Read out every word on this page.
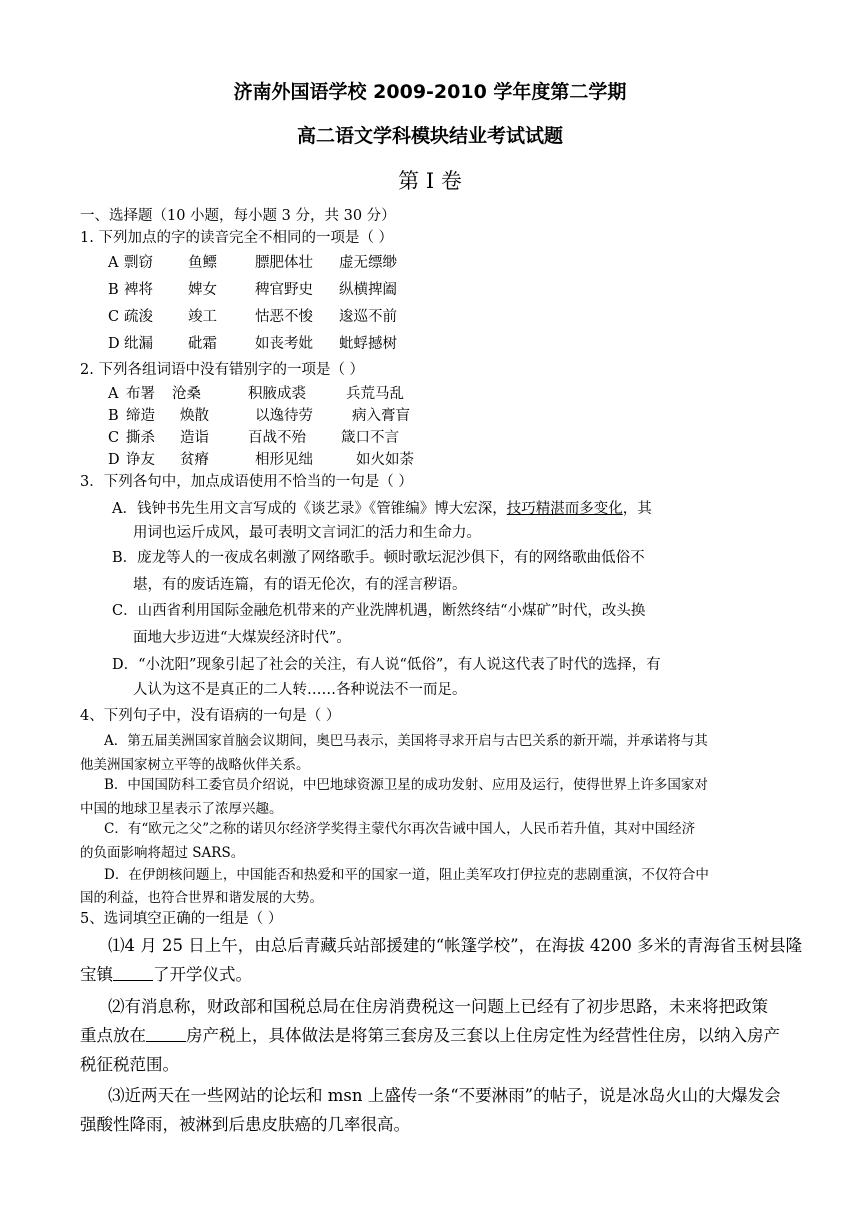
济南外国语学校 2009-2010 学年度第二学期
高二语文学科模块结业考试试题
第 I 卷
一、选择题（10 小题，每小题 3 分，共 30 分）
1. 下列加点的字的读音完全不相同的一项是（ ）
A 剽窃 鱼鳔	膘肥体壮 虚无缥缈
B 裨将 婢女	稗官野史 纵横捭阖
C 疏浚 竣工	怙恶不悛 逡巡不前
D 纰漏 砒霜	如丧考妣 蚍蜉撼树
2. 下列各组词语中没有错别字的一项是（ ）
A 布署 沧桑	积腋成裘	兵荒马乱
B 缔造 焕散	以逸待劳	病入膏盲
C 撕杀 造诣	百战不殆 箴口不言
D 诤友 贫瘠	相形见绌	如火如荼
3．下列各句中，加点成语使用不恰当的一句是（ ）
A．钱钟书先生用文言写成的《谈艺录》《管锥编》博大宏深，技巧精湛而多变化，其
用词也运斤成风，最可表明文言词汇的活力和生命力。
B．庞龙等人的一夜成名刺激了网络歌手。顿时歌坛泥沙俱下，有的网络歌曲低俗不
堪，有的废话连篇，有的语无伦次，有的淫言秽语。
C．山西省利用国际金融危机带来的产业洗牌机遇，断然终结“小煤矿”时代，改头换
面地大步迈进“大煤炭经济时代”。
D．“小沈阳”现象引起了社会的关注，有人说“低俗”，有人说这代表了时代的选择，有
人认为这不是真正的二人转……各种说法不一而足。
4、下列句子中，没有语病的一句是（ ）
A．第五届美洲国家首脑会议期间，奥巴马表示，美国将寻求开启与古巴关系的新开端，并承诺将与其
他美洲国家树立平等的战略伙伴关系。
B．中国国防科工委官员介绍说，中巴地球资源卫星的成功发射、应用及运行，使得世界上许多国家对
中国的地球卫星表示了浓厚兴趣。
C．有“欧元之父”之称的诺贝尔经济学奖得主蒙代尔再次告诫中国人，人民币若升值，其对中国经济
的负面影响将超过 SARS。
D．在伊朗核问题上，中国能否和热爱和平的国家一道，阻止美军攻打伊拉克的悲剧重演，不仅符合中
国的利益，也符合世界和谐发展的大势。
5、选词填空正确的一组是（ ）
⑴4 月 25 日上午，由总后青藏兵站部援建的“帐篷学校”，在海拔 4200 多米的青海省玉树县隆
宝镇 了开学仪式。
⑵有消息称，财政部和国税总局在住房消费税这一问题上已经有了初步思路，未来将把政策
重点放在 房产税上，具体做法是将第三套房及三套以上住房定性为经营性住房，以纳入房产
税征税范围。
⑶近两天在一些网站的论坛和 msn 上盛传一条“不要淋雨”的帖子，说是冰岛火山的大爆发会
强酸性降雨，被淋到后患皮肤癌的几率很高。
